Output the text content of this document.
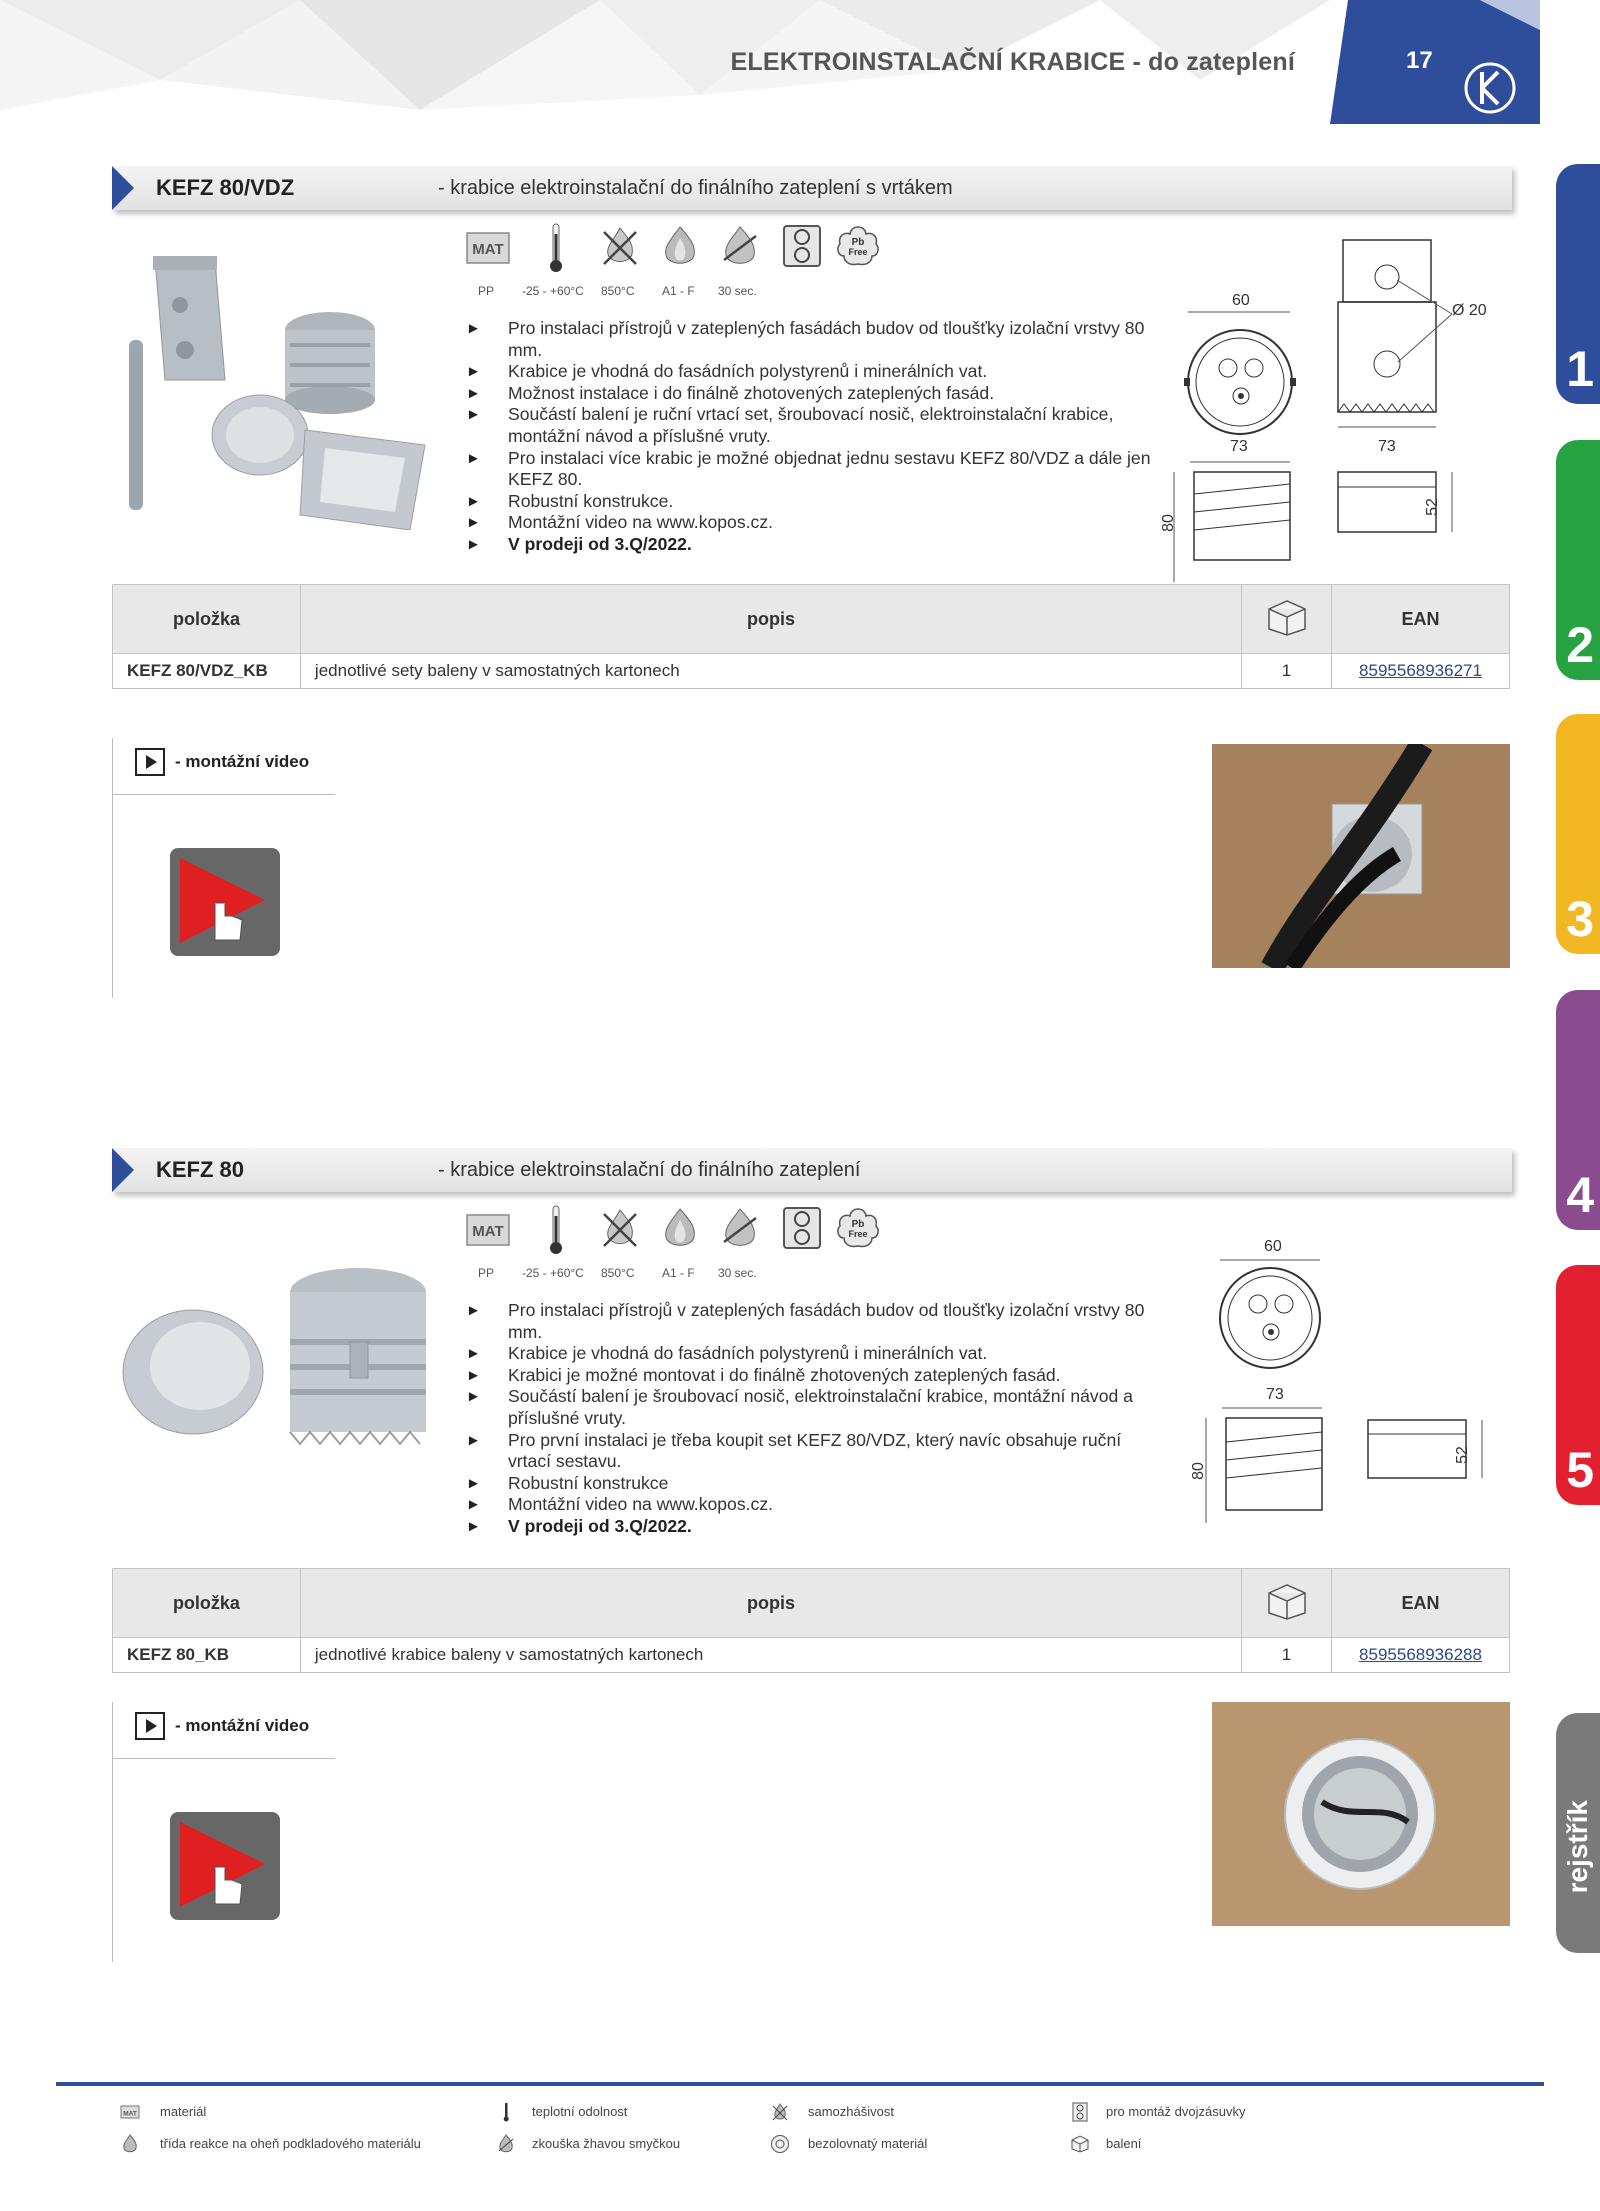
ELEKTROINSTALAČNÍ KRABICE - do zateplení	17
1
2
3
4
5
rejstřík
KEFZ 80/VDZ	- krabice elektroinstalační do finálního zateplení s vrtákem
MAT	Pb
Free
PP -25 - +60°C 850°C A1 - F 30 sec.
► Pro instalaci přístrojů v zateplených fasádách budov od tloušťky izolační vrstvy 80 mm.
► Krabice je vhodná do fasádních polystyrenů i minerálních vat.
► Možnost instalace i do finálně zhotovených zateplených fasád.
► Součástí balení je ruční vrtací set, šroubovací nosič, elektroinstalační krabice, montážní návod a příslušné vruty.
► Pro instalaci více krabic je možné objednat jednu sestavu KEFZ 80/VDZ a dále jen KEFZ 80.
► Robustní konstrukce.
► Montážní video na www.kopos.cz.
► V prodeji od 3.Q/2022.
60
Ø 20
73	73
80
52
položka	popis		EAN
KEFZ 80/VDZ_KB	jednotlivé sety baleny v samostatných kartonech	1	8595568936271
- montážní video
KEFZ 80	- krabice elektroinstalační do finálního zateplení
MAT	Pb
Free
PP -25 - +60°C 850°C A1 - F 30 sec.
► Pro instalaci přístrojů v zateplených fasádách budov od tloušťky izolační vrstvy 80 mm.
► Krabice je vhodná do fasádních polystyrenů i minerálních vat.
► Krabici je možné montovat i do finálně zhotovených zateplených fasád.
► Součástí balení je šroubovací nosič, elektroinstalační krabice, montážní návod a příslušné vruty.
► Pro první instalaci je třeba koupit set KEFZ 80/VDZ, který navíc obsahuje ruční vrtací sestavu.
► Robustní konstrukce
► Montážní video na www.kopos.cz.
► V prodeji od 3.Q/2022.
60
73
80
52
položka	popis		EAN
KEFZ 80_KB	jednotlivé krabice baleny v samostatných kartonech	1	8595568936288
- montážní video
MAT materiál	teplotní odolnost	samozhášivost	pro montáž dvojzásuvky
třída reakce na oheň podkladového materiálu	zkouška žhavou smyčkou	bezolovnatý materiál	balení
